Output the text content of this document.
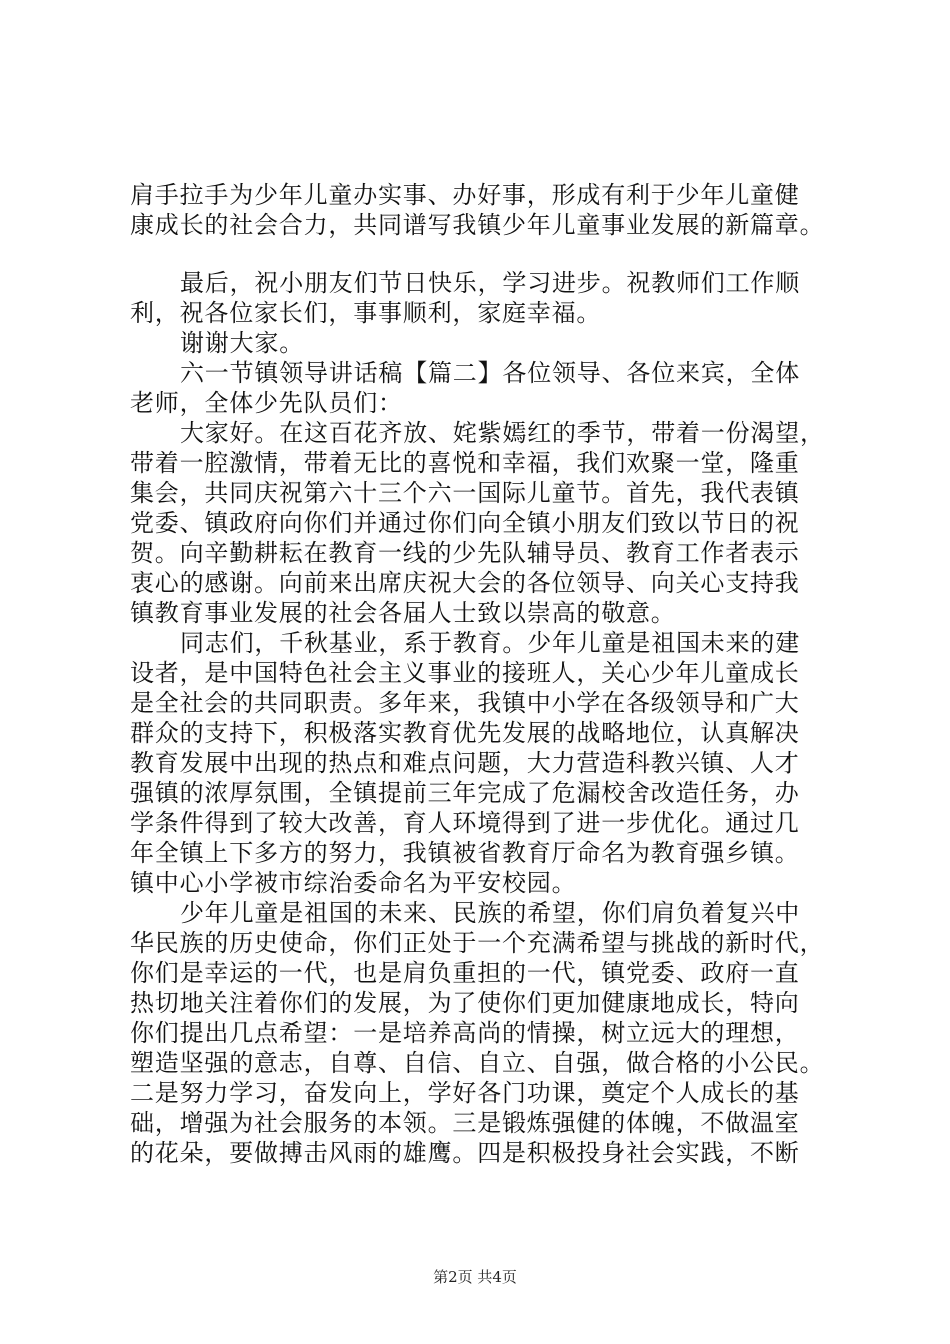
肩手拉手为少年儿童办实事、办好事，形成有利于少年儿童健
康成长的社会合力，共同谱写我镇少年儿童事业发展的新篇章。
最后，祝小朋友们节日快乐，学习进步。祝教师们工作顺
利，祝各位家长们，事事顺利，家庭幸福。
谢谢大家。
六一节镇领导讲话稿【篇二】各位领导、各位来宾，全体
老师，全体少先队员们：
大家好。在这百花齐放、姹紫嫣红的季节，带着一份渴望，
带着一腔激情，带着无比的喜悦和幸福，我们欢聚一堂，隆重
集会，共同庆祝第六十三个六一国际儿童节。首先，我代表镇
党委、镇政府向你们并通过你们向全镇小朋友们致以节日的祝
贺。向辛勤耕耘在教育一线的少先队辅导员、教育工作者表示
衷心的感谢。向前来出席庆祝大会的各位领导、向关心支持我
镇教育事业发展的社会各届人士致以崇高的敬意。
同志们，千秋基业，系于教育。少年儿童是祖国未来的建
设者，是中国特色社会主义事业的接班人，关心少年儿童成长
是全社会的共同职责。多年来，我镇中小学在各级领导和广大
群众的支持下，积极落实教育优先发展的战略地位，认真解决
教育发展中出现的热点和难点问题，大力营造科教兴镇、人才
强镇的浓厚氛围，全镇提前三年完成了危漏校舍改造任务，办
学条件得到了较大改善，育人环境得到了进一步优化。通过几
年全镇上下多方的努力，我镇被省教育厅命名为教育强乡镇。
镇中心小学被市综治委命名为平安校园。
少年儿童是祖国的未来、民族的希望，你们肩负着复兴中
华民族的历史使命，你们正处于一个充满希望与挑战的新时代，
你们是幸运的一代，也是肩负重担的一代，镇党委、政府一直
热切地关注着你们的发展，为了使你们更加健康地成长，特向
你们提出几点希望：一是培养高尚的情操，树立远大的理想，
塑造坚强的意志，自尊、自信、自立、自强，做合格的小公民。
二是努力学习，奋发向上，学好各门功课，奠定个人成长的基
础，增强为社会服务的本领。三是锻炼强健的体魄，不做温室
的花朵，要做搏击风雨的雄鹰。四是积极投身社会实践，不断
第2页 共4页
